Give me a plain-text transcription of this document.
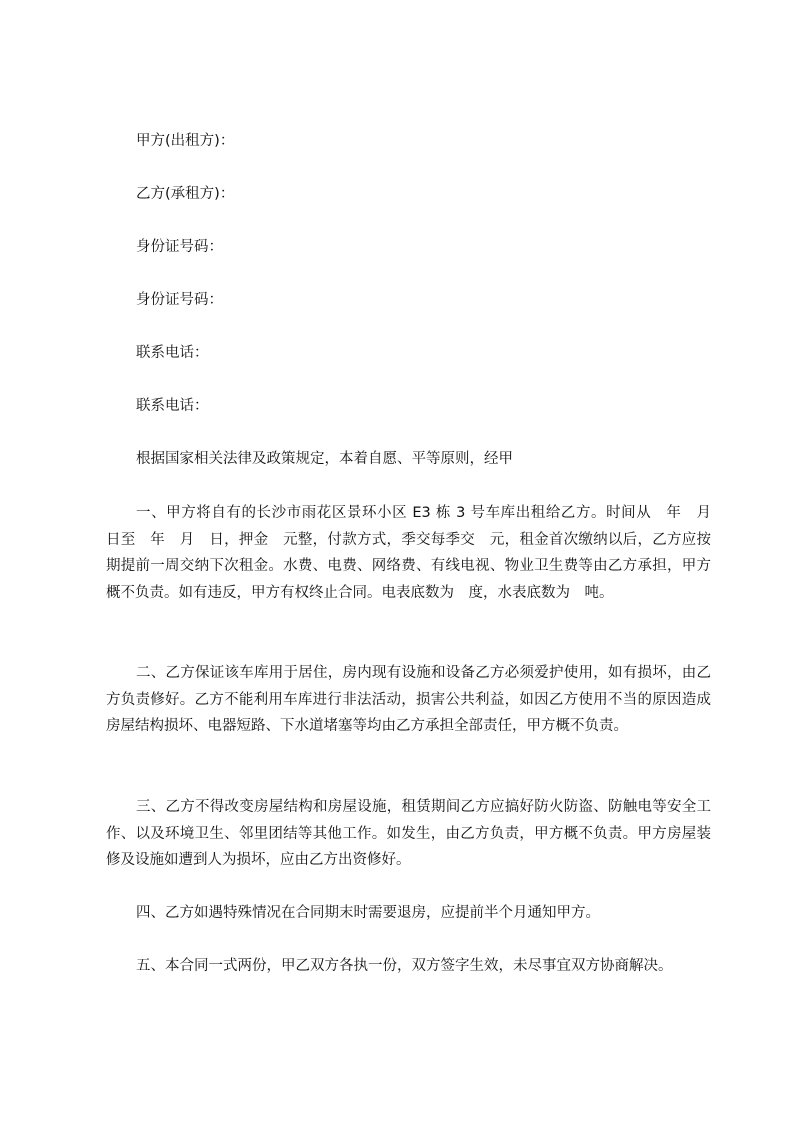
甲方(出租方)：
乙方(承租方)：
身份证号码：
身份证号码：
联系电话：
联系电话：
根据国家相关法律及政策规定，本着自愿、平等原则，经甲
一、甲方将自有的长沙市雨花区景环小区 E3 栋 3 号车库出租给乙方。时间从　年　月　日至　年　月　日，押金　元整，付款方式，季交每季交　元，租金首次缴纳以后，乙方应按期提前一周交纳下次租金。水费、电费、网络费、有线电视、物业卫生费等由乙方承担，甲方概不负责。如有违反，甲方有权终止合同。电表底数为　度，水表底数为　吨。
二、乙方保证该车库用于居住，房内现有设施和设备乙方必须爱护使用，如有损坏，由乙方负责修好。乙方不能利用车库进行非法活动，损害公共利益，如因乙方使用不当的原因造成房屋结构损坏、电器短路、下水道堵塞等均由乙方承担全部责任，甲方概不负责。
三、乙方不得改变房屋结构和房屋设施，租赁期间乙方应搞好防火防盗、防触电等安全工作、以及环境卫生、邻里团结等其他工作。如发生，由乙方负责，甲方概不负责。甲方房屋装修及设施如遭到人为损坏，应由乙方出资修好。
四、乙方如遇特殊情况在合同期末时需要退房，应提前半个月通知甲方。
五、本合同一式两份，甲乙双方各执一份，双方签字生效，未尽事宜双方协商解决。
